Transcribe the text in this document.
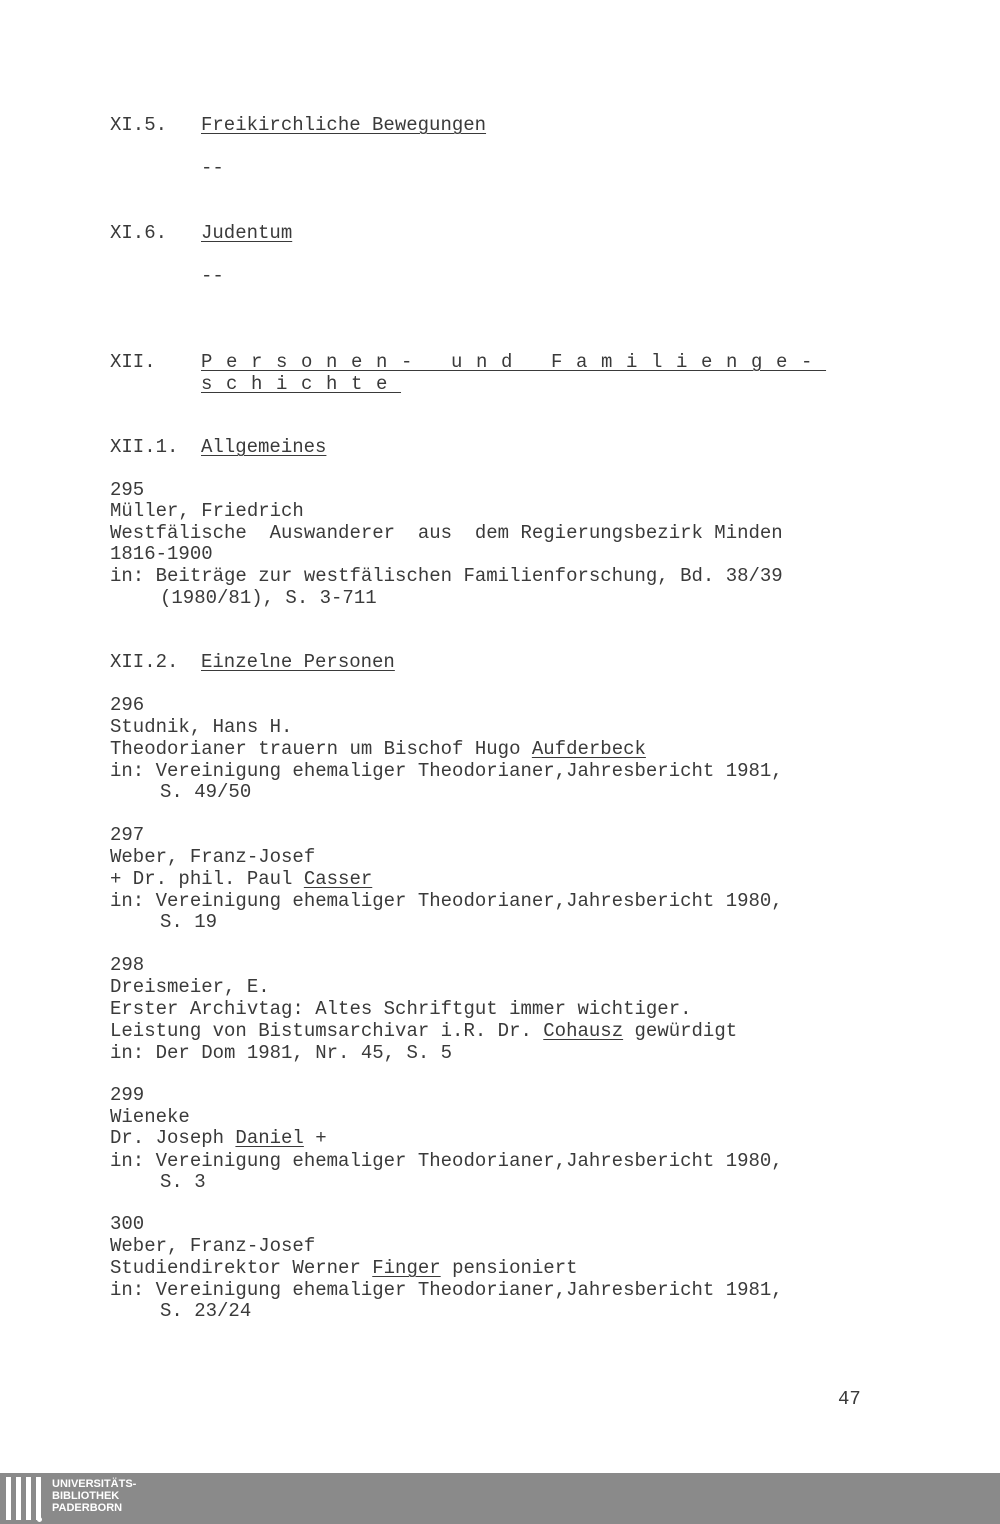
XI.5. Freikirchliche Bewegungen
--
XI.6. Judentum
--
XII. Personen- und Familienge-
schichte
XII.1. Allgemeines
295
Müller, Friedrich
Westfälische  Auswanderer  aus  dem Regierungsbezirk Minden
1816-1900
in: Beiträge zur westfälischen Familienforschung, Bd. 38/39
(1980/81), S. 3-711
XII.2. Einzelne Personen
296
Studnik, Hans H.
Theodorianer trauern um Bischof Hugo Aufderbeck
in: Vereinigung ehemaliger Theodorianer,Jahresbericht 1981,
S. 49/50
297
Weber, Franz-Josef
+ Dr. phil. Paul Casser
in: Vereinigung ehemaliger Theodorianer,Jahresbericht 1980,
S. 19
298
Dreismeier, E.
Erster Archivtag: Altes Schriftgut immer wichtiger.
Leistung von Bistumsarchivar i.R. Dr. Cohausz gewürdigt
in: Der Dom 1981, Nr. 45, S. 5
299
Wieneke
Dr. Joseph Daniel +
in: Vereinigung ehemaliger Theodorianer,Jahresbericht 1980,
S. 3
300
Weber, Franz-Josef
Studiendirektor Werner Finger pensioniert
in: Vereinigung ehemaliger Theodorianer,Jahresbericht 1981,
S. 23/24
47
UNIVERSITÄTS-
BIBLIOTHEK
PADERBORN
